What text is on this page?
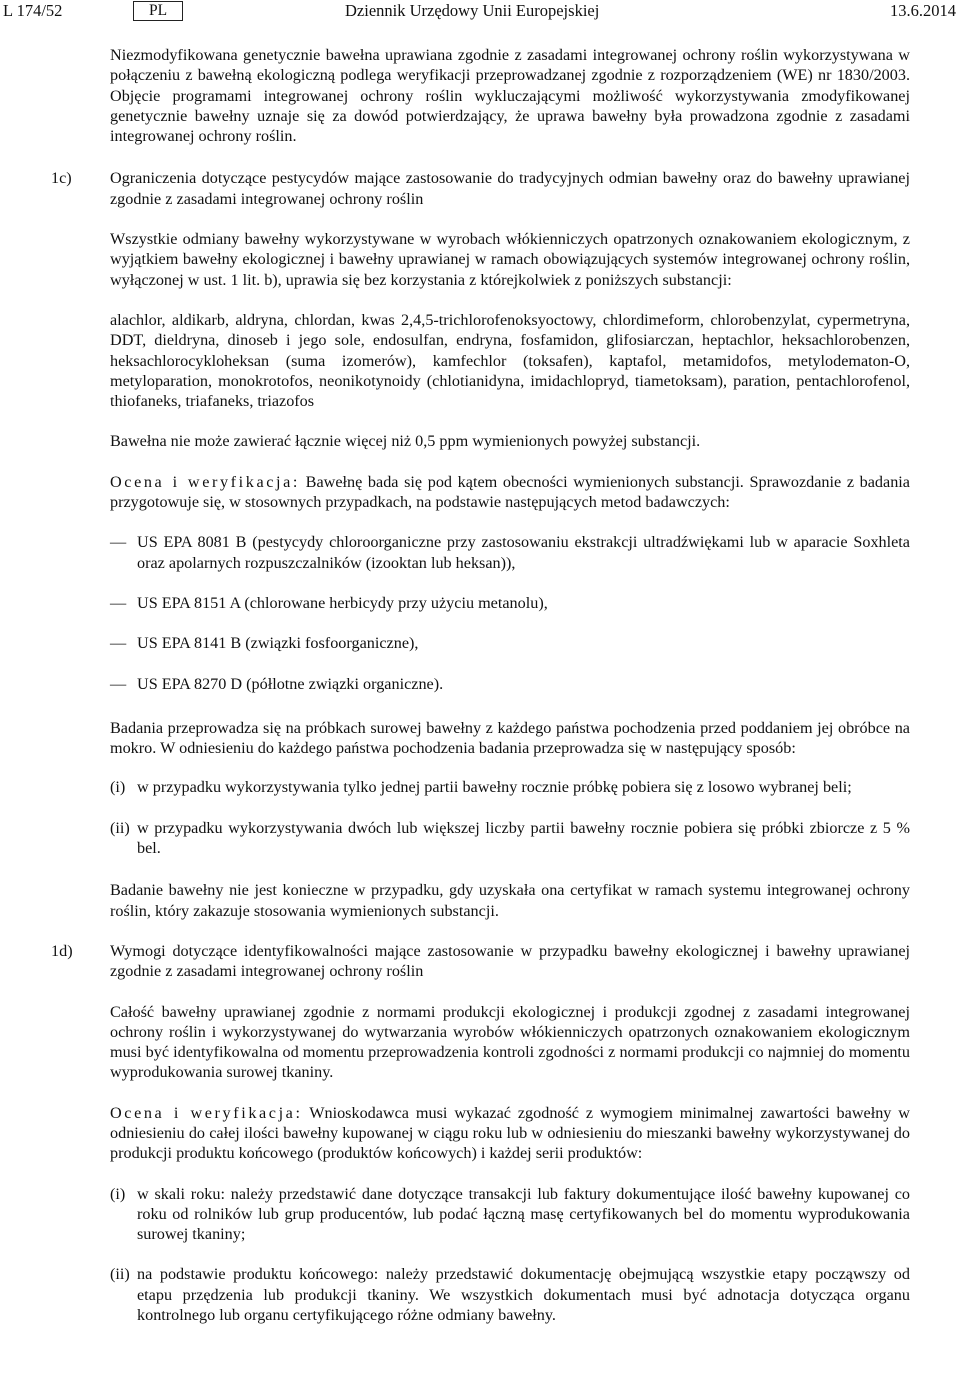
L 174/52	PL	Dziennik Urzędowy Unii Europejskiej	13.6.2014

Niezmodyfikowana genetycznie bawełna uprawiana zgodnie z zasadami integrowanej ochrony roślin wykorzystywana w połączeniu z bawełną ekologiczną podlega weryfikacji przeprowadzanej zgodnie z rozporządzeniem (WE) nr 1830/2003. Objęcie programami integrowanej ochrony roślin wykluczającymi możliwość wykorzystywania zmodyfikowanej genetycznie bawełny uznaje się za dowód potwierdzający, że uprawa bawełny była prowadzona zgodnie z zasadami integrowanej ochrony roślin.

1c) Ograniczenia dotyczące pestycydów mające zastosowanie do tradycyjnych odmian bawełny oraz do bawełny uprawianej zgodnie z zasadami integrowanej ochrony roślin

Wszystkie odmiany bawełny wykorzystywane w wyrobach włókienniczych opatrzonych oznakowaniem ekologicznym, z wyjątkiem bawełny ekologicznej i bawełny uprawianej w ramach obowiązujących systemów integrowanej ochrony roślin, wyłączonej w ust. 1 lit. b), uprawia się bez korzystania z którejkolwiek z poniższych substancji:

alachlor, aldikarb, aldryna, chlordan, kwas 2,4,5-trichlorofenoksyoctowy, chlordimeform, chlorobenzylat, cypermetryna, DDT, dieldryna, dinoseb i jego sole, endosulfan, endryna, fosfamidon, glifosiarczan, heptachlor, heksachlorobenzen, heksachlorocykloheksan (suma izomerów), kamfechlor (toksafen), kaptafol, metamidofos, metylodematon-O, metyloparation, monokrotofos, neonikotynoidy (chlotianidyna, imidachlopryd, tiametoksam), paration, pentachlorofenol, thiofaneks, triafaneks, triazofos

Bawełna nie może zawierać łącznie więcej niż 0,5 ppm wymienionych powyżej substancji.

Ocena i weryfikacja: Bawełnę bada się pod kątem obecności wymienionych substancji. Sprawozdanie z badania przygotowuje się, w stosownych przypadkach, na podstawie następujących metod badawczych:

— US EPA 8081 B (pestycydy chloroorganiczne przy zastosowaniu ekstrakcji ultradźwiękami lub w aparacie Soxhleta oraz apolarnych rozpuszczalników (izooktan lub heksan)),

— US EPA 8151 A (chlorowane herbicydy przy użyciu metanolu),

— US EPA 8141 B (związki fosfoorganiczne),

— US EPA 8270 D (półlotne związki organiczne).

Badania przeprowadza się na próbkach surowej bawełny z każdego państwa pochodzenia przed poddaniem jej obróbce na mokro. W odniesieniu do każdego państwa pochodzenia badania przeprowadza się w następujący sposób:

(i) w przypadku wykorzystywania tylko jednej partii bawełny rocznie próbkę pobiera się z losowo wybranej beli;

(ii) w przypadku wykorzystywania dwóch lub większej liczby partii bawełny rocznie pobiera się próbki zbiorcze z 5 % bel.

Badanie bawełny nie jest konieczne w przypadku, gdy uzyskała ona certyfikat w ramach systemu integrowanej ochrony roślin, który zakazuje stosowania wymienionych substancji.

1d) Wymogi dotyczące identyfikowalności mające zastosowanie w przypadku bawełny ekologicznej i bawełny uprawianej zgodnie z zasadami integrowanej ochrony roślin

Całość bawełny uprawianej zgodnie z normami produkcji ekologicznej i produkcji zgodnej z zasadami integrowanej ochrony roślin i wykorzystywanej do wytwarzania wyrobów włókienniczych opatrzonych oznakowaniem ekologicznym musi być identyfikowalna od momentu przeprowadzenia kontroli zgodności z normami produkcji co najmniej do momentu wyprodukowania surowej tkaniny.

Ocena i weryfikacja: Wnioskodawca musi wykazać zgodność z wymogiem minimalnej zawartości bawełny w odniesieniu do całej ilości bawełny kupowanej w ciągu roku lub w odniesieniu do mieszanki bawełny wykorzystywanej do produkcji produktu końcowego (produktów końcowych) i każdej serii produktów:

(i) w skali roku: należy przedstawić dane dotyczące transakcji lub faktury dokumentujące ilość bawełny kupowanej co roku od rolników lub grup producentów, lub podać łączną masę certyfikowanych bel do momentu wyprodukowania surowej tkaniny;

(ii) na podstawie produktu końcowego: należy przedstawić dokumentację obejmującą wszystkie etapy począwszy od etapu przędzenia lub produkcji tkaniny. We wszystkich dokumentach musi być adnotacja dotycząca organu kontrolnego lub organu certyfikującego różne odmiany bawełny.
